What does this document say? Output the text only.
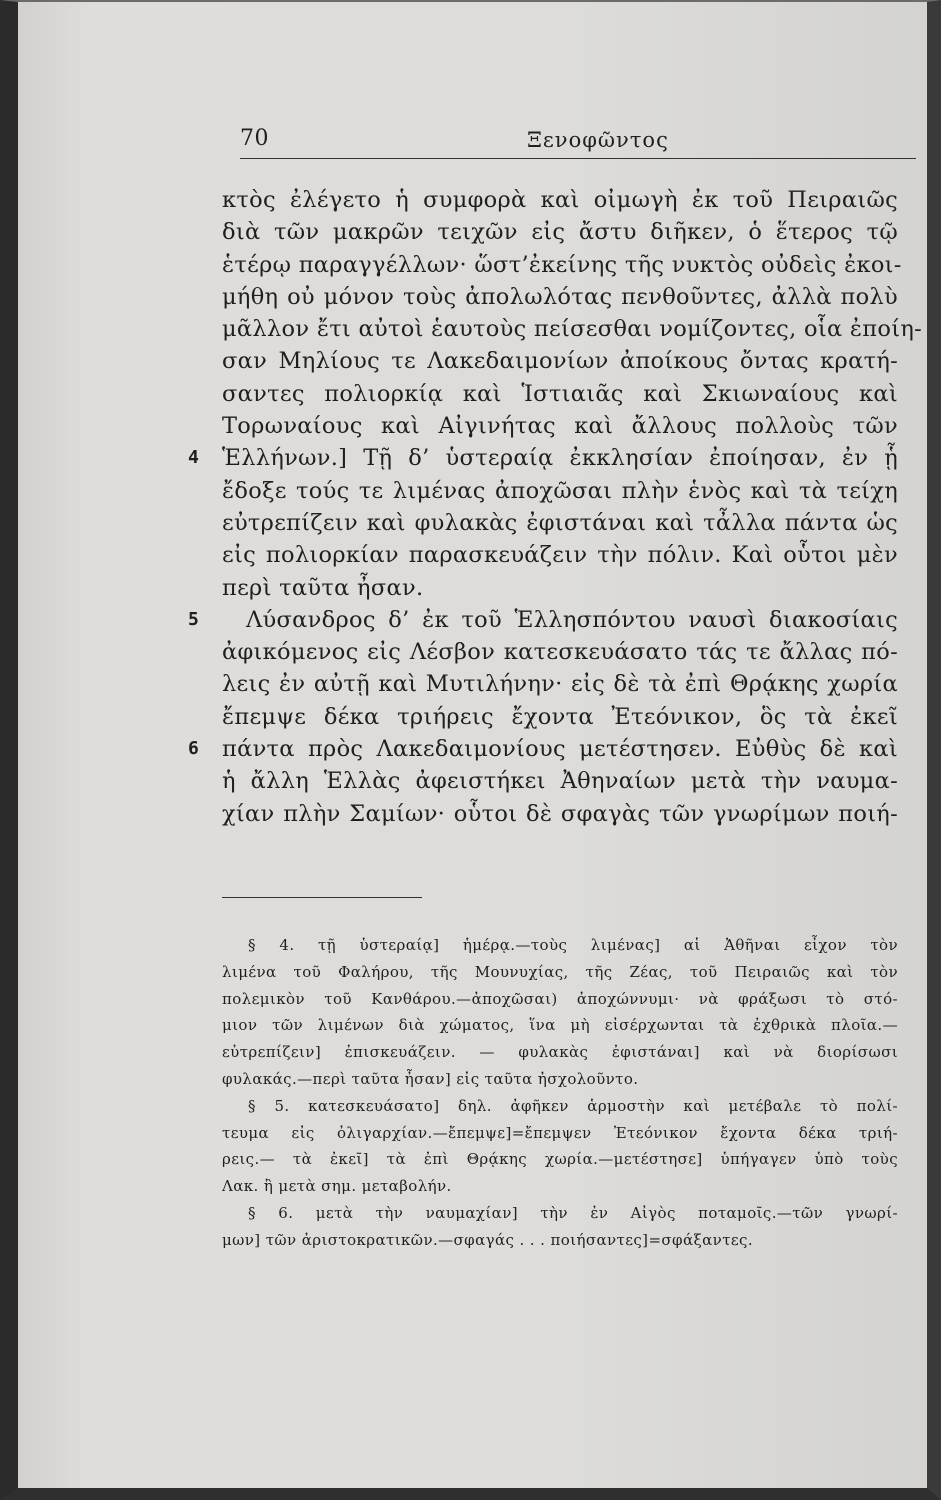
70	Ξενοφῶντος
κτὸς ἐλέγετο ἡ συμφορὰ καὶ οἰμωγὴ ἐκ τοῦ Πειραιῶς
διὰ τῶν μακρῶν τειχῶν εἰς ἄστυ διῆκεν, ὁ ἕτερος τῷ
ἑτέρῳ παραγγέλλων· ὥστ’ἐκείνης τῆς νυκτὸς οὐδεὶς ἐκοι-
μήθη οὐ μόνον τοὺς ἀπολωλότας πενθοῦντες, ἀλλὰ πολὺ
μᾶλλον ἔτι αὐτοὶ ἑαυτοὺς πείσεσθαι νομίζοντες, οἷα ἐποίη-
σαν Μηλίους τε Λακεδαιμονίων ἀποίκους ὄντας κρατή-
σαντες πολιορκίᾳ καὶ Ἱστιαιᾶς καὶ Σκιωναίους καὶ
Τορωναίους καὶ Αἰγινήτας καὶ ἄλλους πολλοὺς τῶν
4 Ἑλλήνων.] Τῇ δ’ ὑστεραίᾳ ἐκκλησίαν ἐποίησαν, ἐν ᾗ
ἔδοξε τούς τε λιμένας ἀποχῶσαι πλὴν ἑνὸς καὶ τὰ τείχη
εὐτρεπίζειν καὶ φυλακὰς ἐφιστάναι καὶ τἆλλα πάντα ὡς
εἰς πολιορκίαν παρασκευάζειν τὴν πόλιν. Καὶ οὗτοι μὲν
περὶ ταῦτα ἦσαν.
5 Λύσανδρος δ’ ἐκ τοῦ Ἑλλησπόντου ναυσὶ διακοσίαις
ἀφικόμενος εἰς Λέσβον κατεσκευάσατο τάς τε ἄλλας πό-
λεις ἐν αὐτῇ καὶ Μυτιλήνην· εἰς δὲ τὰ ἐπὶ Θρᾴκης χωρία
ἔπεμψε δέκα τριήρεις ἔχοντα Ἐτεόνικον, ὃς τὰ ἐκεῖ
6 πάντα πρὸς Λακεδαιμονίους μετέστησεν. Εὐθὺς δὲ καὶ
ἡ ἄλλη Ἑλλὰς ἀφειστήκει Ἀθηναίων μετὰ τὴν ναυμα-
χίαν πλὴν Σαμίων· οὗτοι δὲ σφαγὰς τῶν γνωρίμων ποιή-
§ 4. τῇ ὑστεραίᾳ] ἡμέρᾳ.—τοὺς λιμένας] αἱ Ἀθῆναι εἶχον τὸν
λιμένα τοῦ Φαλήρου, τῆς Μουνυχίας, τῆς Ζέας, τοῦ Πειραιῶς καὶ τὸν
πολεμικὸν τοῦ Κανθάρου.—ἀποχῶσαι) ἀποχώννυμι· νὰ φράξωσι τὸ στό-
μιον τῶν λιμένων διὰ χώματος, ἵνα μὴ εἰσέρχωνται τὰ ἐχθρικὰ πλοῖα.—
εὐτρεπίζειν] ἐπισκευάζειν. — φυλακὰς ἐφιστάναι] καὶ νὰ διορίσωσι
φυλακάς.—περὶ ταῦτα ἦσαν] εἰς ταῦτα ἠσχολοῦντο.
§ 5. κατεσκευάσατο] δηλ. ἀφῆκεν ἁρμοστὴν καὶ μετέβαλε τὸ πολί-
τευμα εἰς ὀλιγαρχίαν.—ἔπεμψε]=ἔπεμψεν Ἐτεόνικον ἔχοντα δέκα τριή-
ρεις.— τὰ ἐκεῖ] τὰ ἐπὶ Θρᾴκης χωρία.—μετέστησε] ὑπήγαγεν ὑπὸ τοὺς
Λακ. ἢ μετὰ σημ. μεταβολήν.
§ 6. μετὰ τὴν ναυμαχίαν] τὴν ἐν Αἰγὸς ποταμοῖς.—τῶν γνωρί-
μων] τῶν ἀριστοκρατικῶν.—σφαγάς . . . ποιήσαντες]=σφάξαντες.
